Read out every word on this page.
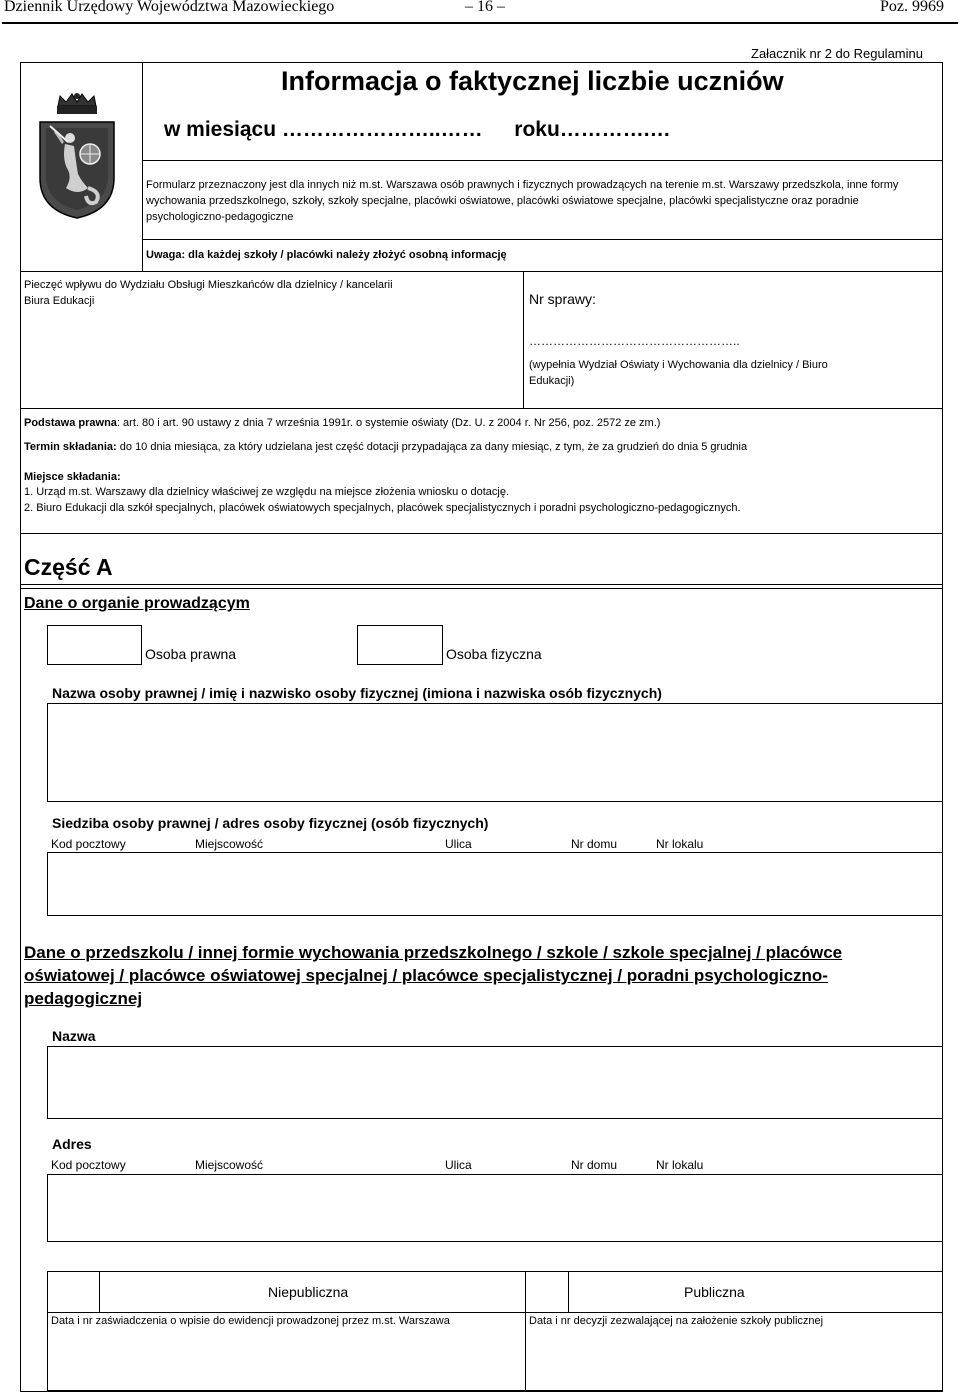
Dziennik Urzędowy Województwa Mazowieckiego	– 16 –	Poz. 9969
Załacznik nr 2 do Regulaminu
Informacja o faktycznej liczbie uczniów
w miesiącu …………………..…… roku………….…
Formularz przeznaczony jest dla innych niż m.st. Warszawa osób prawnych i fizycznych prowadzących na terenie m.st. Warszawy przedszkola, inne formy wychowania przedszkolnego, szkoły, szkoły specjalne, placówki oświatowe, placówki oświatowe specjalne, placówki specjalistyczne oraz poradnie psychologiczno-pedagogiczne
Uwaga: dla każdej szkoły / placówki należy złożyć osobną informację
Pieczęć wpływu do Wydziału Obsługi Mieszkańców dla dzielnicy / kancelarii Biura Edukacji	Nr sprawy:
……………………………………………..
(wypełnia Wydział Oświaty i Wychowania dla dzielnicy / Biuro Edukacji)
Podstawa prawna: art. 80 i art. 90 ustawy z dnia 7 września 1991r. o systemie oświaty (Dz. U. z 2004 r. Nr 256, poz. 2572 ze zm.)
Termin składania: do 10 dnia miesiąca, za który udzielana jest część dotacji przypadająca za dany miesiąc, z tym, że za grudzień do dnia 5 grudnia
Miejsce składania:
1. Urząd m.st. Warszawy dla dzielnicy właściwej ze względu na miejsce złożenia wniosku o dotację.
2. Biuro Edukacji dla szkół specjalnych, placówek oświatowych specjalnych, placówek specjalistycznych i poradni psychologiczno-pedagogicznych.
Część A
Dane o organie prowadzącym
Osoba prawna	Osoba fizyczna
Nazwa osoby prawnej / imię i nazwisko osoby fizycznej (imiona i nazwiska osób fizycznych)
Siedziba osoby prawnej / adres osoby fizycznej (osób fizycznych)
Kod pocztowy	Miejscowość	Ulica	Nr domu	Nr lokalu
Dane o przedszkolu / innej formie wychowania przedszkolnego / szkole / szkole specjalnej / placówce oświatowej / placówce oświatowej specjalnej / placówce specjalistycznej / poradni psychologiczno-pedagogicznej
Nazwa
Adres
Kod pocztowy	Miejscowość	Ulica	Nr domu	Nr lokalu
Niepubliczna	Publiczna
Data i nr zaświadczenia o wpisie do ewidencji prowadzonej przez m.st. Warszawa	Data i nr decyzji zezwalającej na założenie szkoły publicznej
